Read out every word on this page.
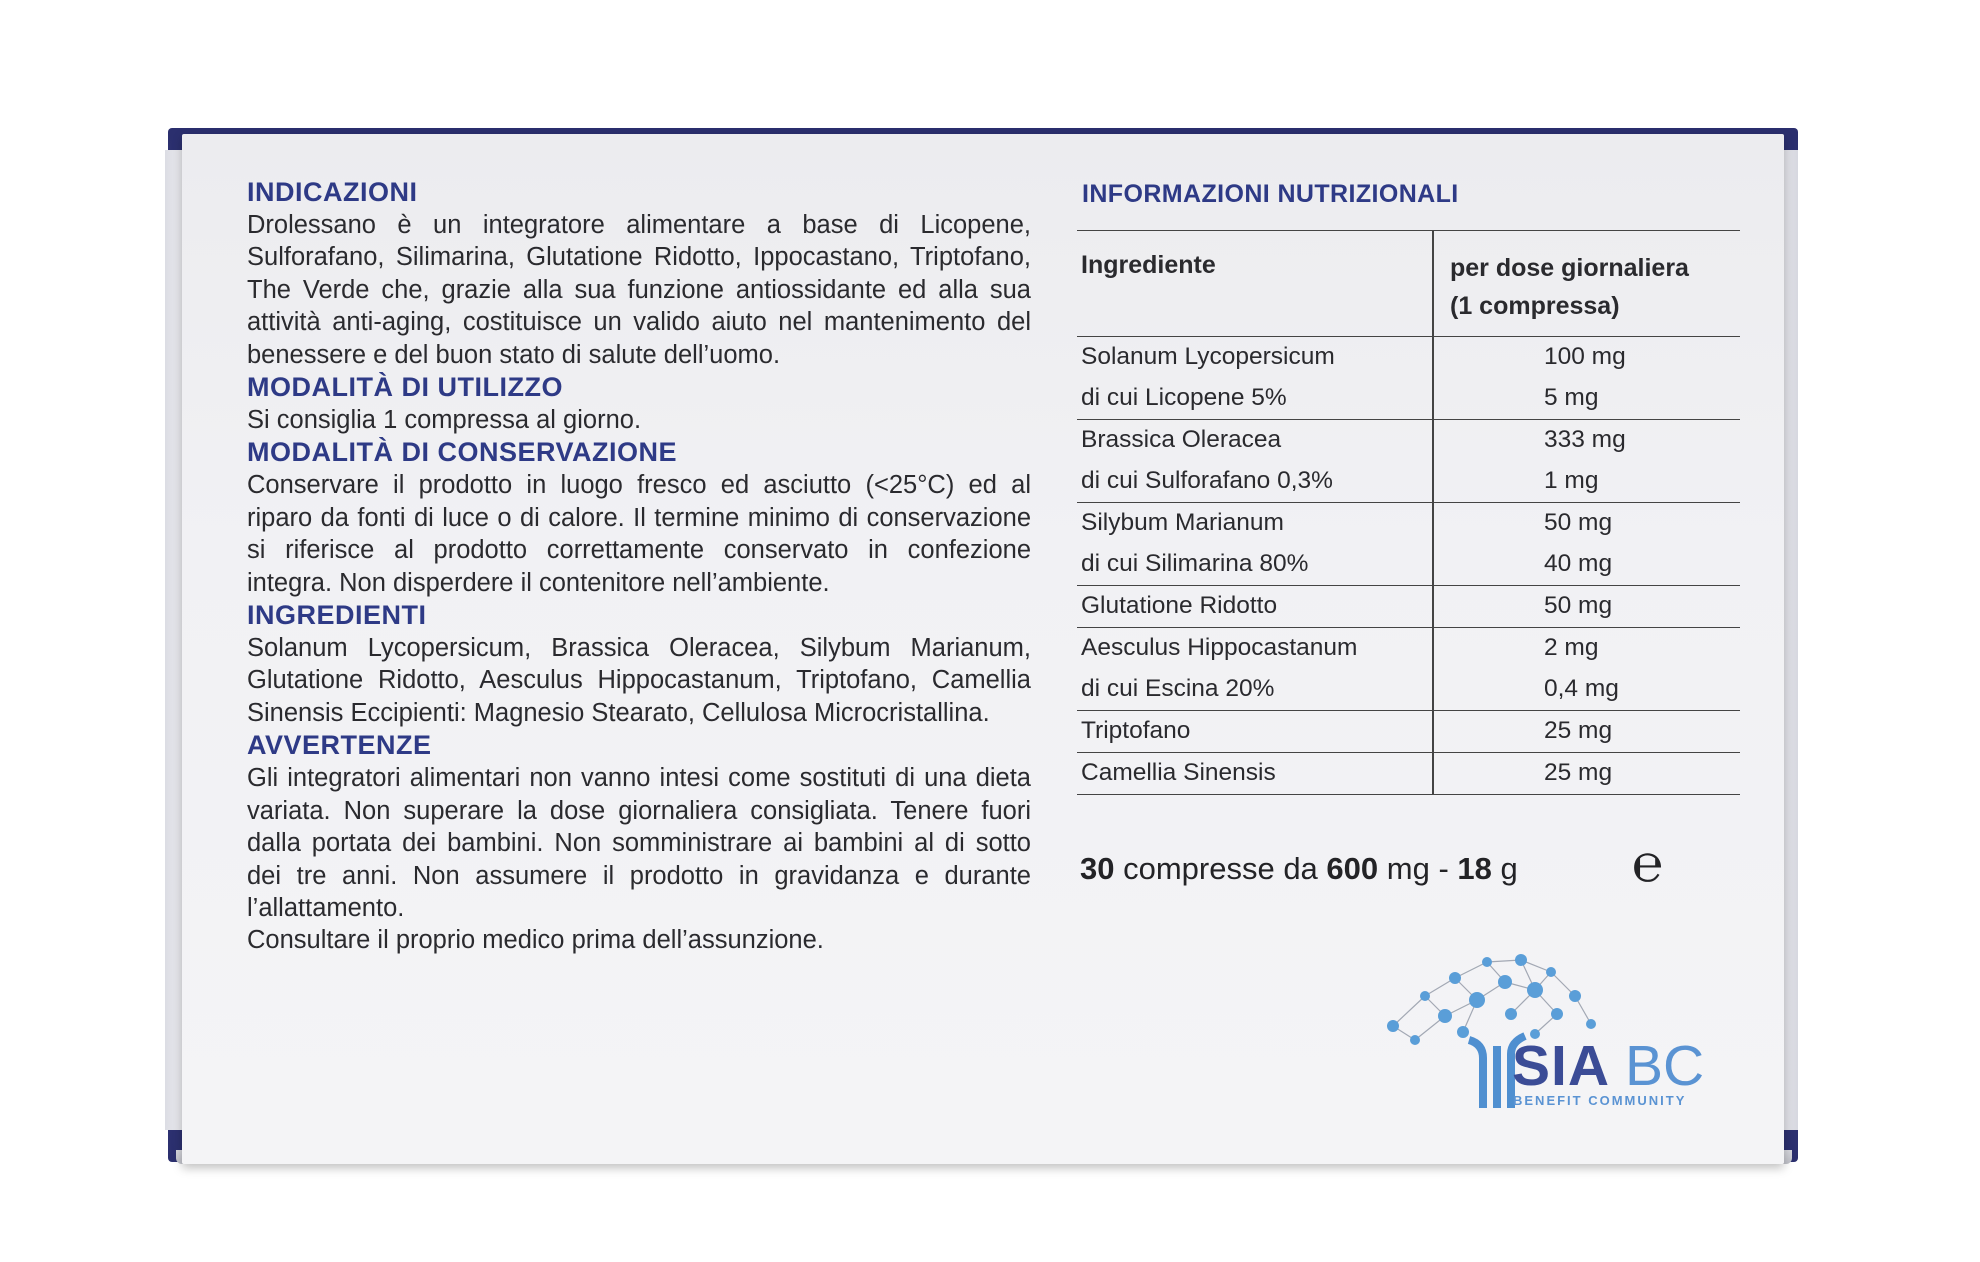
INDICAZIONI

Drolessano è un integratore alimentare a base di Licopene, Sulforafano, Silimarina, Glutatione Ridotto, Ippocastano, Triptofano, The Verde che, grazie alla sua funzione antiossidante ed alla sua attività anti-aging, costituisce un valido aiuto nel mantenimento del benessere e del buon stato di salute dell’uomo.

MODALITÀ DI UTILIZZO

Si consiglia 1 compressa al giorno.

MODALITÀ DI CONSERVAZIONE

Conservare il prodotto in luogo fresco ed asciutto (<25°C) ed al riparo da fonti di luce o di calore. Il termine minimo di conservazione si riferisce al prodotto correttamente conservato in confezione integra. Non disperdere il contenitore nell’ambiente.

INGREDIENTI

Solanum Lycopersicum, Brassica Oleracea, Silybum Marianum, Glutatione Ridotto, Aesculus Hippocastanum, Triptofano, Camellia Sinensis Eccipienti: Magnesio Stearato, Cellulosa Microcristallina.

AVVERTENZE

Gli integratori alimentari non vanno intesi come sostituti di una dieta variata. Non superare la dose giornaliera consigliata. Tenere fuori dalla portata dei bambini. Non somministrare ai bambini al di sotto dei tre anni. Non assumere il prodotto in gravidanza e durante l’allattamento.

Consultare il proprio medico prima dell’assunzione.

INFORMAZIONI NUTRIZIONALI
Ingrediente	per dose giornaliera
(1 compressa)
Solanum Lycopersicum	100 mg
di cui Licopene 5%	5 mg
Brassica Oleracea	333 mg
di cui Sulforafano 0,3%	1 mg
Silybum Marianum	50 mg
di cui Silimarina 80%	40 mg
Glutatione Ridotto	50 mg
Aesculus Hippocastanum	2 mg
di cui Escina 20%	0,4 mg
Triptofano	25 mg
Camellia Sinensis	25 mg
30 compresse da 600 mg - 18 g ℮
SIA BC
BENEFIT COMMUNITY
